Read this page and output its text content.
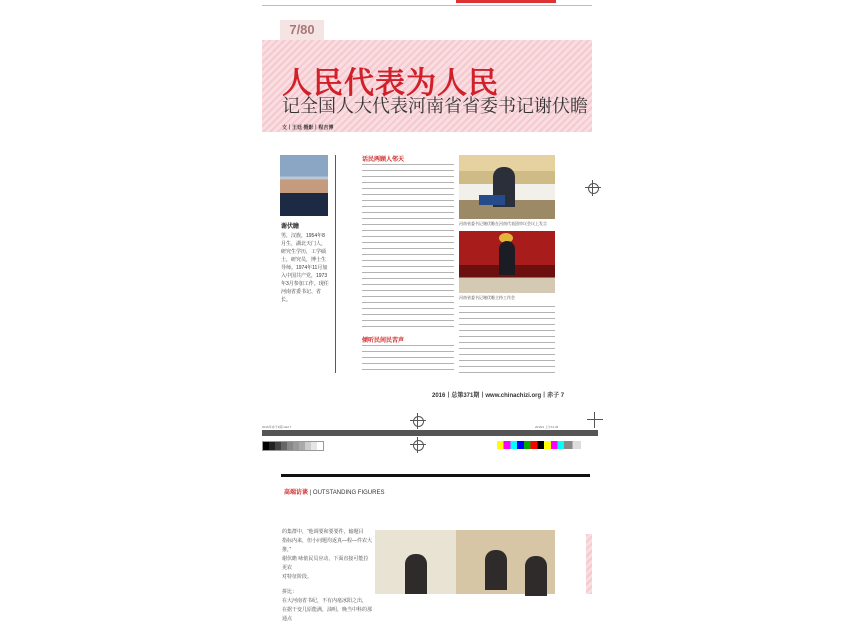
7/80
人民代表为人民
记全国人大代表河南省省委书记谢伏瞻
文丨王廷 摄影丨程吉博
谢伏瞻
男，汉族，1954年8月生，湖北天门人，研究生学历，工学硕士，研究员，博士生导师。1974年11月加入中国共产党，1973年3月参加工作。现任河南省委书记、省长。
话民两顾人邻天
倾听民间民苦声
河南省委书记谢伏瞻在河南代表团审议会议上发言
河南省委书记谢伏瞻主持工作会
2016丨总第371期丨www.chinachizi.org丨赤子 7
2016年赤子4期.indd 7	2016/1 上午11:34
高端访谈 | OUTSTANDING FIGURES
的集群中，“他调要和要要件，输题目
指标内来，但小问题均返真—程—件农大推，”
谢伏瞻 咏惦民员应动，下面直接可能拉更农
对特征阶段。
拼比：
在大河南省书纪，不有内毫冰阳之出，
在据干变几原能满，油明，晚当中科的那通点
